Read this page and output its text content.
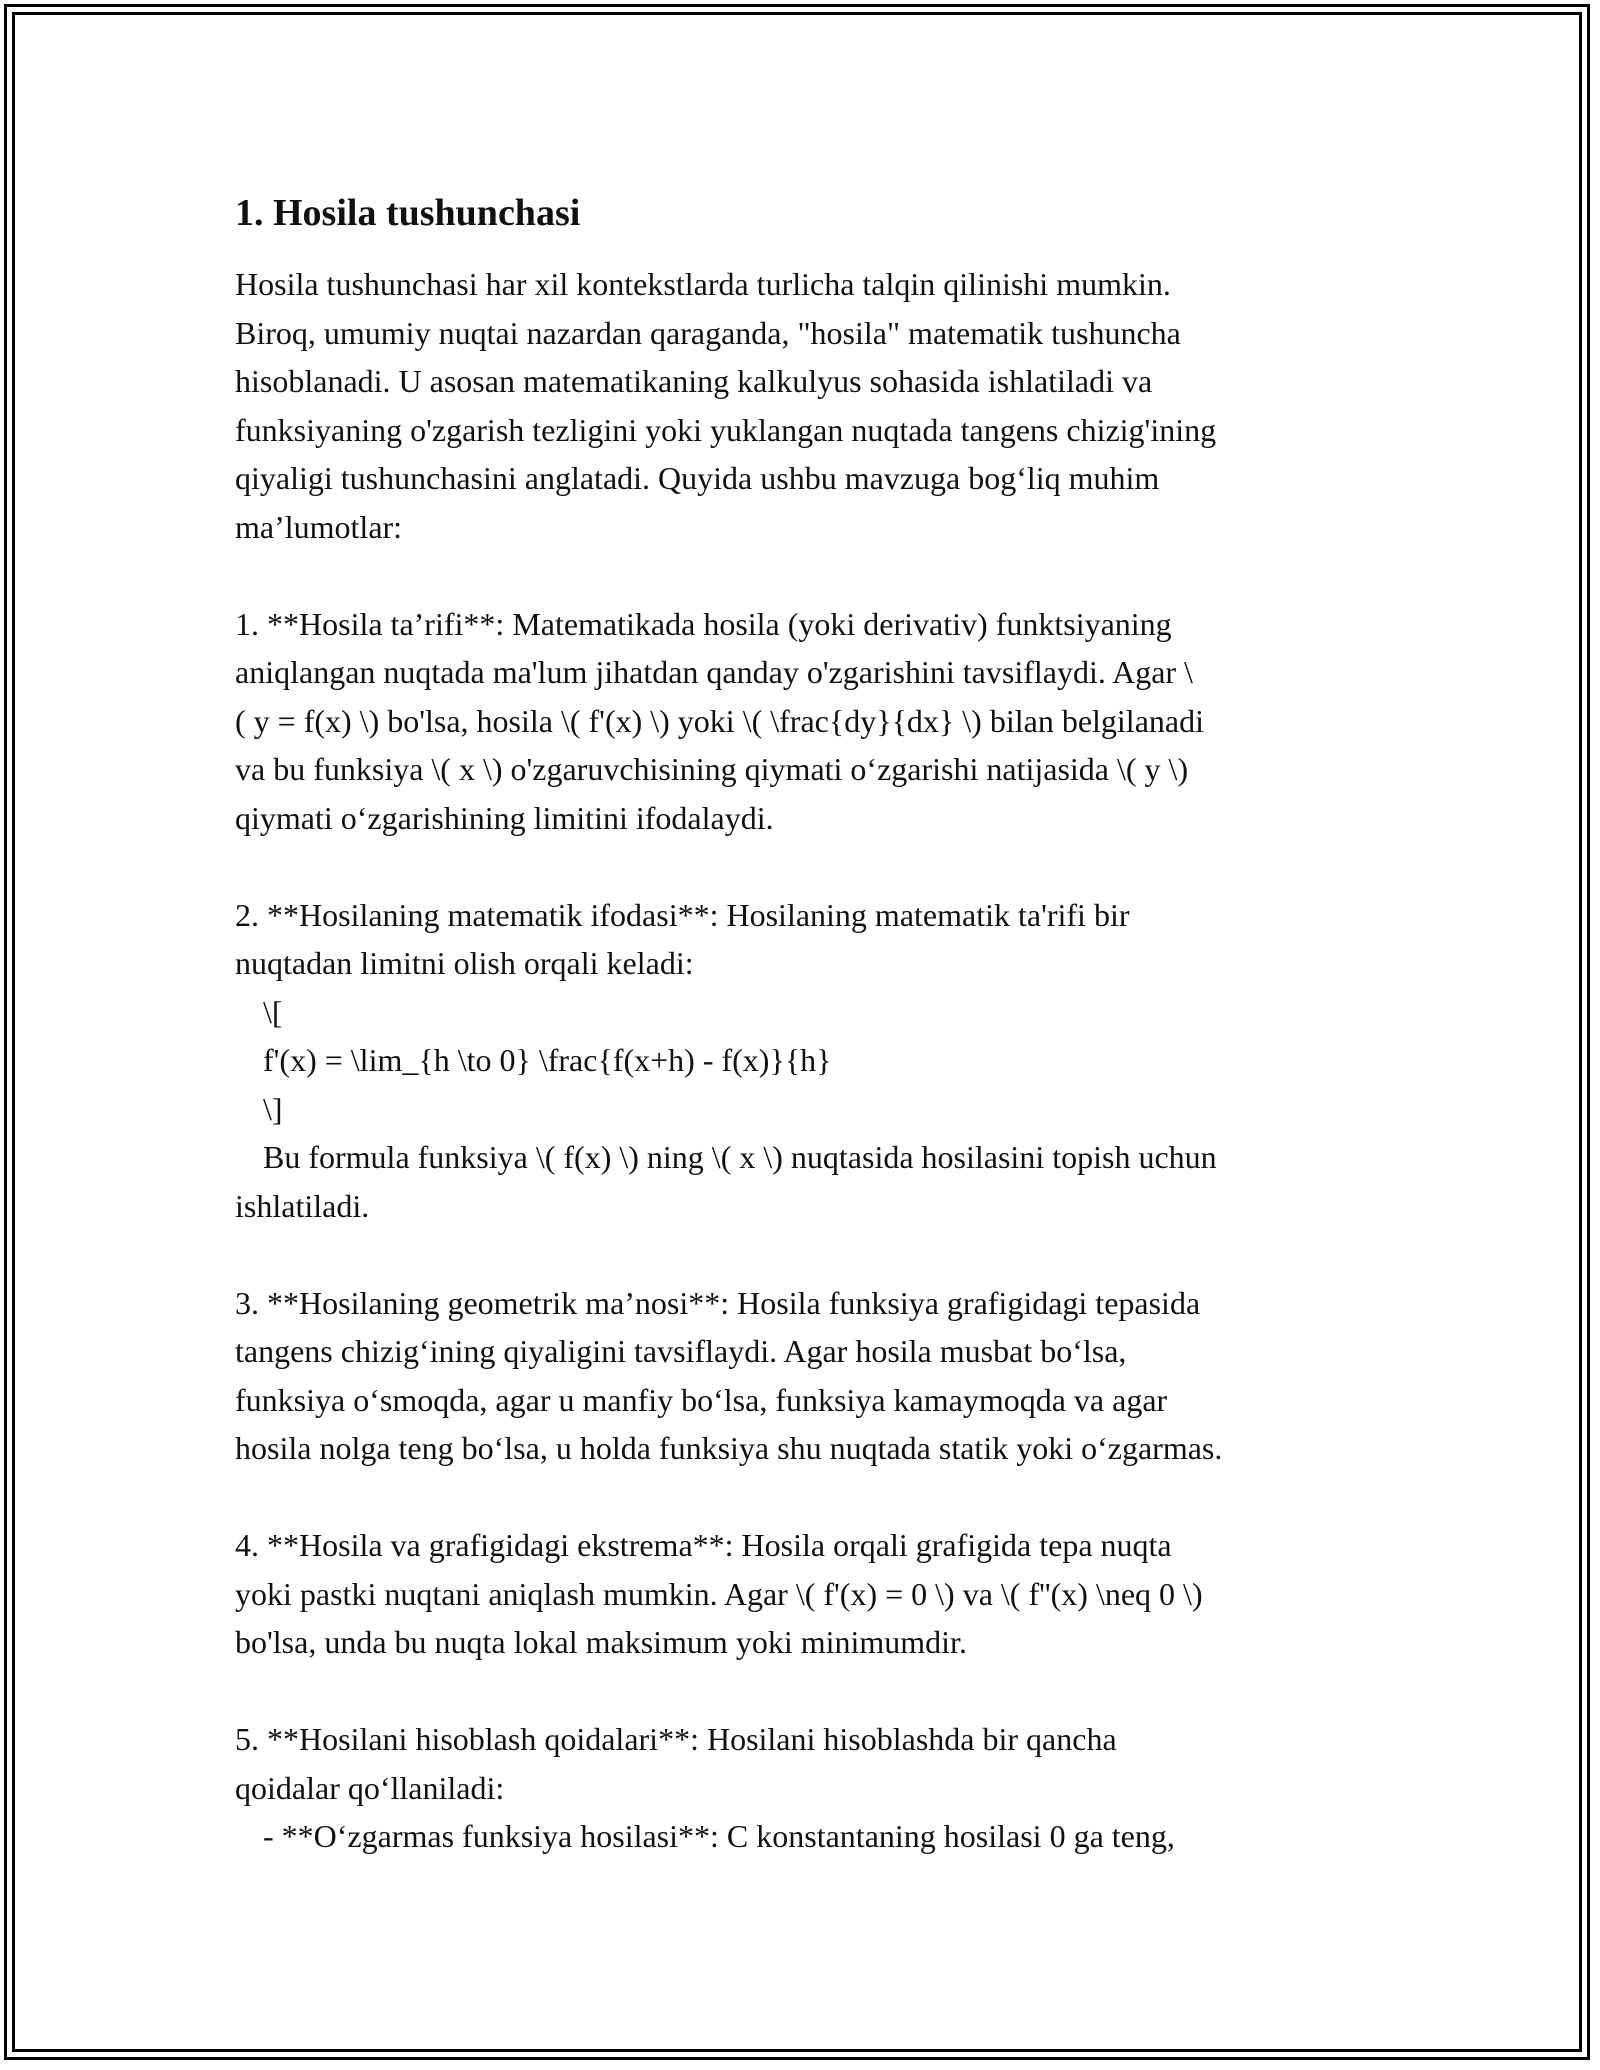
1. Hosila tushunchasi
Hosila tushunchasi har xil kontekstlarda turlicha talqin qilinishi mumkin.
Biroq, umumiy nuqtai nazardan qaraganda, "hosila" matematik tushuncha
hisoblanadi. U asosan matematikaning kalkulyus sohasida ishlatiladi va
funksiyaning o'zgarish tezligini yoki yuklangan nuqtada tangens chizig'ining
qiyaligi tushunchasini anglatadi. Quyida ushbu mavzuga bog‘liq muhim
ma’lumotlar:
1. **Hosila ta’rifi**: Matematikada hosila (yoki derivativ) funktsiyaning
aniqlangan nuqtada ma'lum jihatdan qanday o'zgarishini tavsiflaydi. Agar \
( y = f(x) \) bo'lsa, hosila \( f'(x) \) yoki \( \frac{dy}{dx} \) bilan belgilanadi
va bu funksiya \( x \) o'zgaruvchisining qiymati o‘zgarishi natijasida \( y \)
qiymati o‘zgarishining limitini ifodalaydi.
2. **Hosilaning matematik ifodasi**: Hosilaning matematik ta'rifi bir
nuqtadan limitni olish orqali keladi:
\[
f'(x) = \lim_{h \to 0} \frac{f(x+h) - f(x)}{h}
\]
Bu formula funksiya \( f(x) \) ning \( x \) nuqtasida hosilasini topish uchun
ishlatiladi.
3. **Hosilaning geometrik ma’nosi**: Hosila funksiya grafigidagi tepasida
tangens chizig‘ining qiyaligini tavsiflaydi. Agar hosila musbat bo‘lsa,
funksiya o‘smoqda, agar u manfiy bo‘lsa, funksiya kamaymoqda va agar
hosila nolga teng bo‘lsa, u holda funksiya shu nuqtada statik yoki o‘zgarmas.
4. **Hosila va grafigidagi ekstrema**: Hosila orqali grafigida tepa nuqta
yoki pastki nuqtani aniqlash mumkin. Agar \( f'(x) = 0 \) va \( f''(x) \neq 0 \)
bo'lsa, unda bu nuqta lokal maksimum yoki minimumdir.
5. **Hosilani hisoblash qoidalari**: Hosilani hisoblashda bir qancha
qoidalar qo‘llaniladi:
- **O‘zgarmas funksiya hosilasi**: C konstantaning hosilasi 0 ga teng,
